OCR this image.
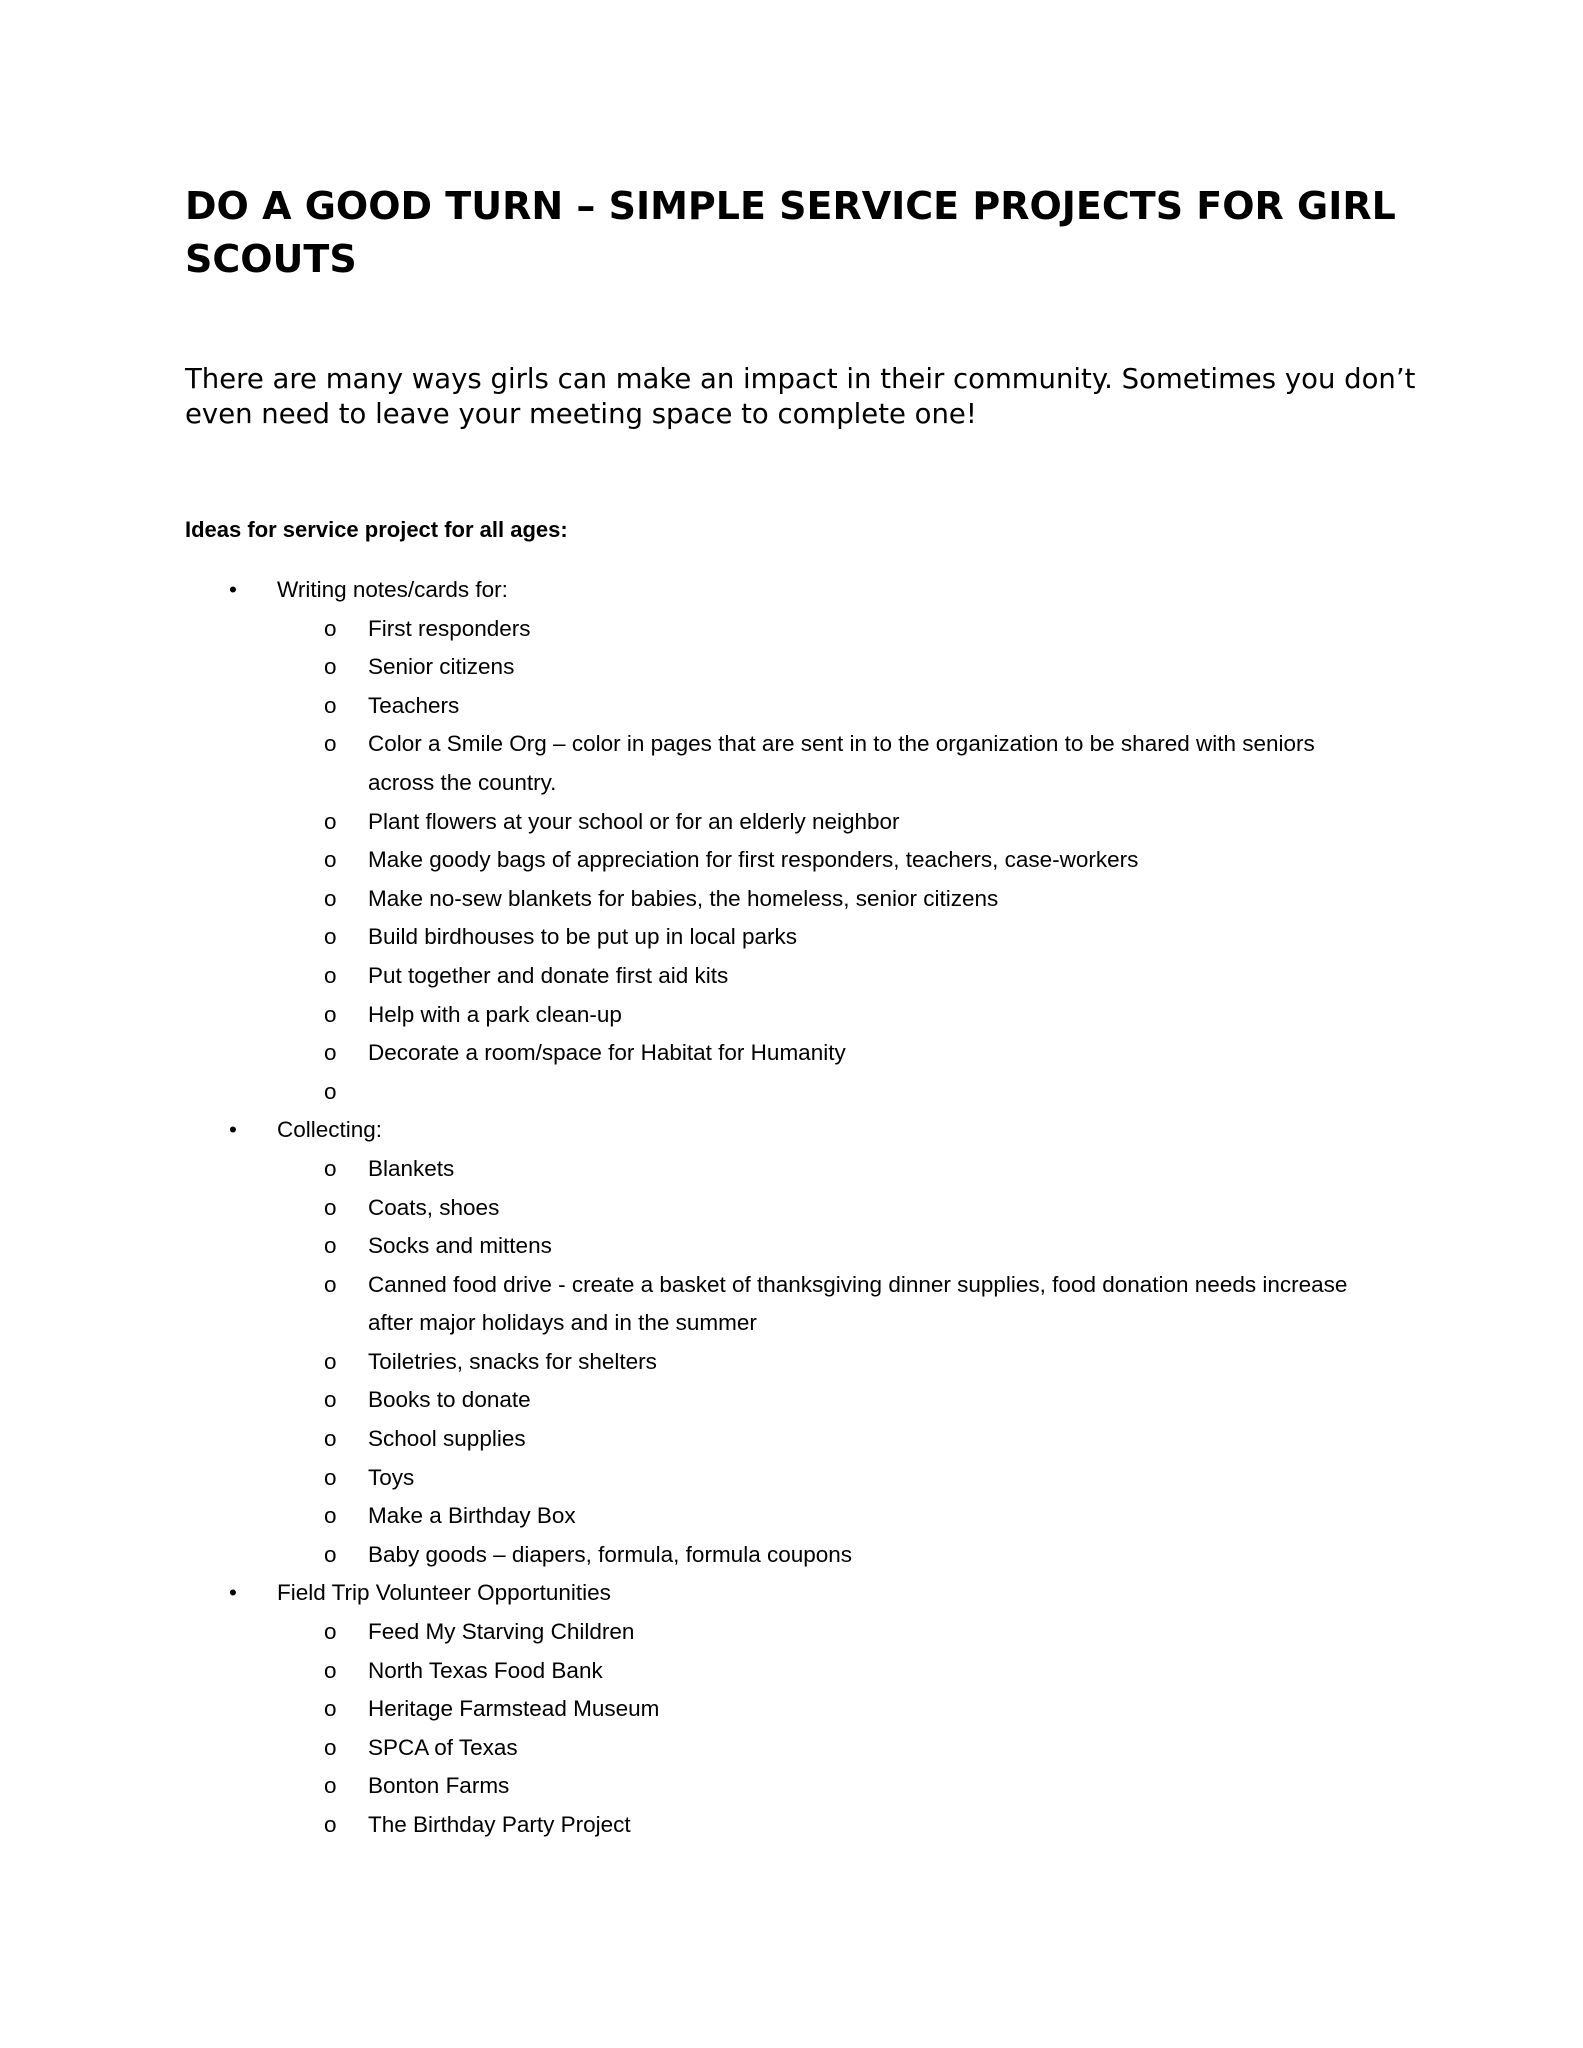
DO A GOOD TURN – SIMPLE SERVICE PROJECTS FOR GIRL SCOUTS

There are many ways girls can make an impact in their community. Sometimes you don’t even need to leave your meeting space to complete one!

Ideas for service project for all ages:

• Writing notes/cards for:
o First responders
o Senior citizens
o Teachers
o Color a Smile Org – color in pages that are sent in to the organization to be shared with seniors across the country.
o Plant flowers at your school or for an elderly neighbor
o Make goody bags of appreciation for first responders, teachers, case-workers
o Make no-sew blankets for babies, the homeless, senior citizens
o Build birdhouses to be put up in local parks
o Put together and donate first aid kits
o Help with a park clean-up
o Decorate a room/space for Habitat for Humanity
o
• Collecting:
o Blankets
o Coats, shoes
o Socks and mittens
o Canned food drive - create a basket of thanksgiving dinner supplies, food donation needs increase after major holidays and in the summer
o Toiletries, snacks for shelters
o Books to donate
o School supplies
o Toys
o Make a Birthday Box
o Baby goods – diapers, formula, formula coupons
• Field Trip Volunteer Opportunities
o Feed My Starving Children
o North Texas Food Bank
o Heritage Farmstead Museum
o SPCA of Texas
o Bonton Farms
o The Birthday Party Project
